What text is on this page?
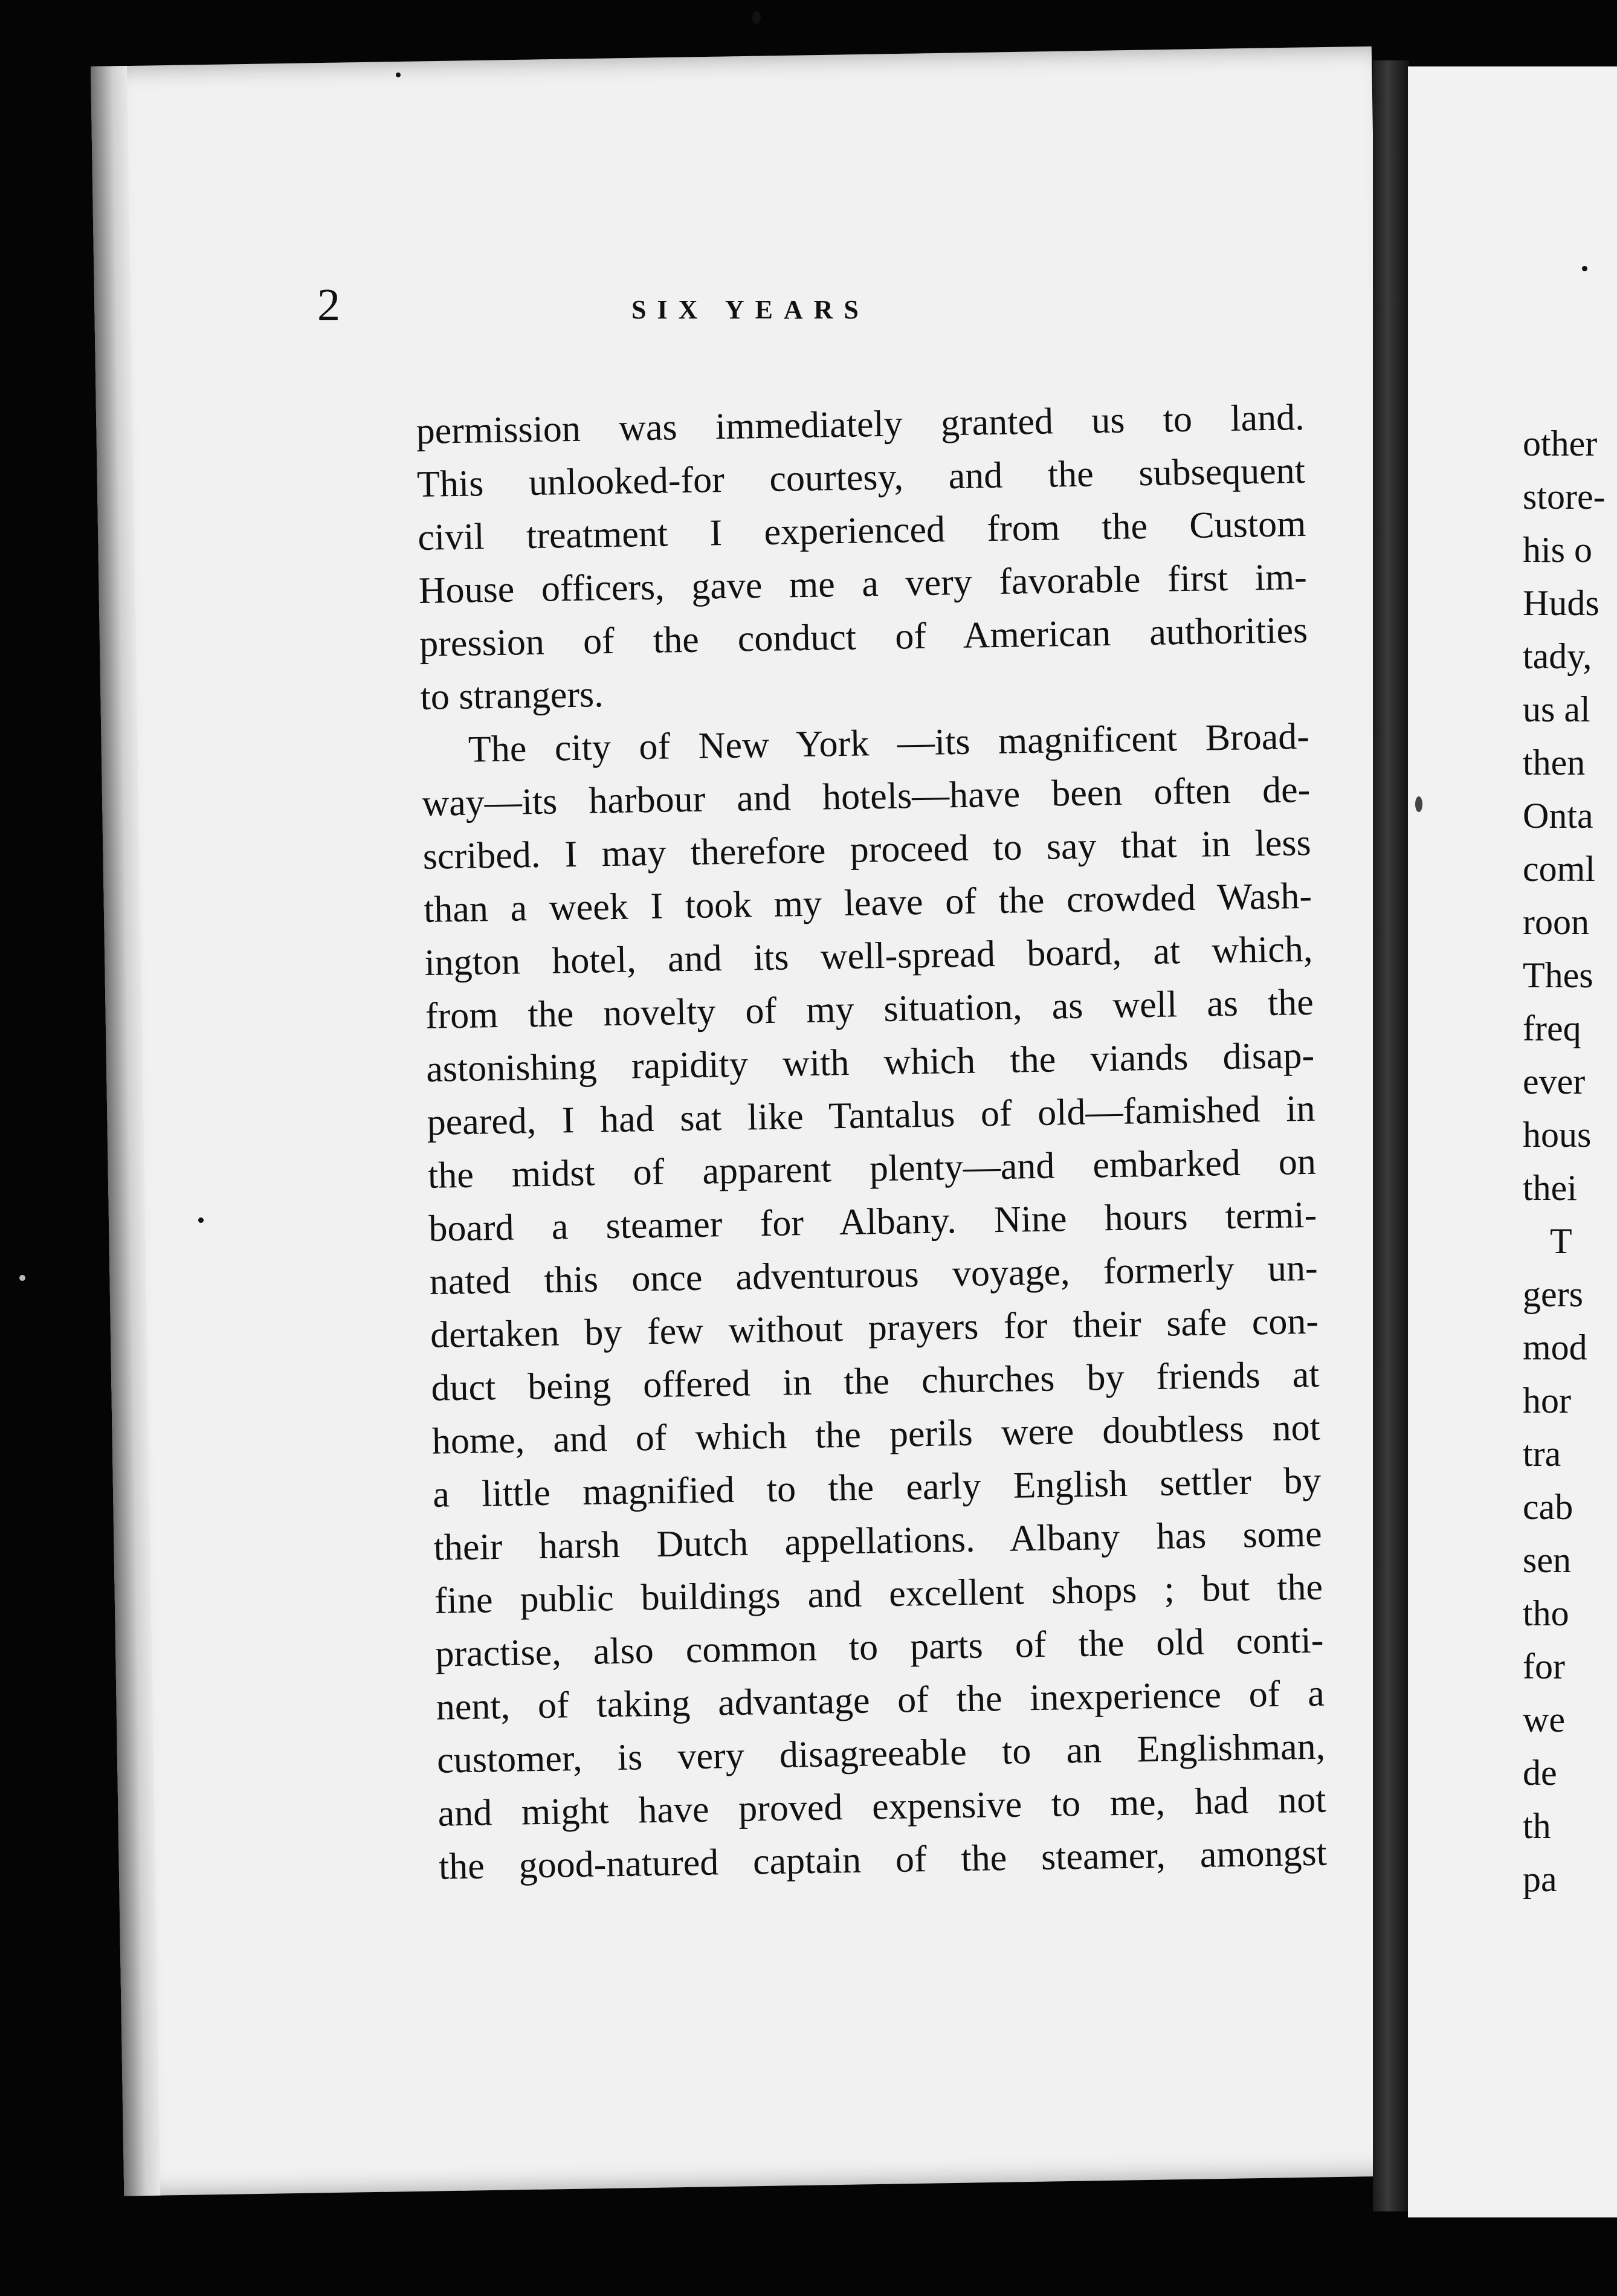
2	SIX YEARS
permission was immediately granted us to land.
This unlooked-for courtesy, and the subsequent
civil treatment I experienced from the Custom
House officers, gave me a very favorable first im-
pression of the conduct of American authorities
to strangers.
The city of New York —its magnificent Broad-
way—its harbour and hotels—have been often de-
scribed. I may therefore proceed to say that in less
than a week I took my leave of the crowded Wash-
ington hotel, and its well-spread board, at which,
from the novelty of my situation, as well as the
astonishing rapidity with which the viands disap-
peared, I had sat like Tantalus of old—famished in
the midst of apparent plenty—and embarked on
board a steamer for Albany. Nine hours termi-
nated this once adventurous voyage, formerly un-
dertaken by few without prayers for their safe con-
duct being offered in the churches by friends at
home, and of which the perils were doubtless not
a little magnified to the early English settler by
their harsh Dutch appellations. Albany has some
fine public buildings and excellent shops ; but the
practise, also common to parts of the old conti-
nent, of taking advantage of the inexperience of a
customer, is very disagreeable to an Englishman,
and might have proved expensive to me, had not
the good-natured captain of the steamer, amongst
other
store-
his o
Huds
tady,
us al
then
Onta
coml
roon
Thes
freq
ever
hous
thei
T
gers
mod
hor
tra
cab
sen
tho
for
we
de
th
pa
